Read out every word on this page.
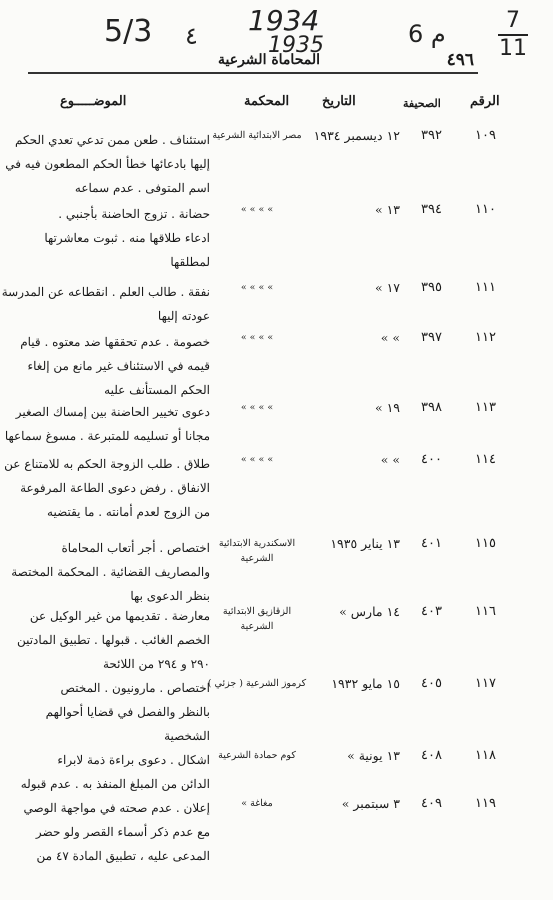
5/3 ٤ 1934
1935	6 م	7
11
٤٩٦
المحاماة الشرعية
الرقم
الصحيفة
التاريخ
المحكمة
الموضـــــوع
١٠٩
٣٩٢
١٢ ديسمبر ١٩٣٤
مصر الابتدائية الشرعية
استئناف . طعن ممن تدعي تعدي الحكم
إليها بادعائها خطأ الحكم المطعون فيه في
اسم المتوفى . عدم سماعه
١١٠
٣٩٤
١٣ »
» » » »
حضانة . تزوج الحاضنة بأجنبي .
ادعاء طلاقها منه . ثبوت معاشرتها
لمطلقها
١١١
٣٩٥
١٧ »
» » » »
نفقة . طالب العلم . انقطاعه عن المدرسة
عودته إليها
١١٢
٣٩٧
» »
» » » »
خصومة . عدم تحققها ضد معتوه . قيام
قيمه في الاستئناف غير مانع من إلغاء
الحكم المستأنف عليه
١١٣
٣٩٨
١٩ »
» » » »
دعوى تخيير الحاضنة بين إمساك الصغير
مجانا أو تسليمه للمتبرعة . مسوغ سماعها
١١٤
٤٠٠
» »
» » » »
طلاق . طلب الزوجة الحكم به للامتناع عن
الانفاق . رفض دعوى الطاعة المرفوعة
من الزوج لعدم أمانته . ما يقتضيه
١١٥
٤٠١
١٣ يناير ١٩٣٥
الاسكندرية الابتدائية الشرعية
اختصاص . أجر أتعاب المحاماة
والمصاريف القضائية . المحكمة المختصة
بنظر الدعوى بها
١١٦
٤٠٣
١٤ مارس »
الزقازيق الابتدائية الشرعية
معارضة . تقديمها من غير الوكيل عن
الخصم الغائب . قبولها . تطبيق المادتين
٢٩٠ و ٢٩٤ من اللائحة
١١٧
٤٠٥
١٥ مايو ١٩٣٢
كرموز الشرعية ( جزئي )
اختصاص . مارونيون . المختص
بالنظر والفصل في قضايا أحوالهم
الشخصية
١١٨
٤٠٨
١٣ يونية »
كوم حمادة الشرعية
اشكال . دعوى براءة ذمة لابراء
الدائن من المبلغ المنفذ به . عدم قبوله
١١٩
٤٠٩
٣ سبتمبر »
مغاغة »
إعلان . عدم صحته في مواجهة الوصي
مع عدم ذكر أسماء القصر ولو حضر
المدعى عليه ، تطبيق المادة ٤٧ من
